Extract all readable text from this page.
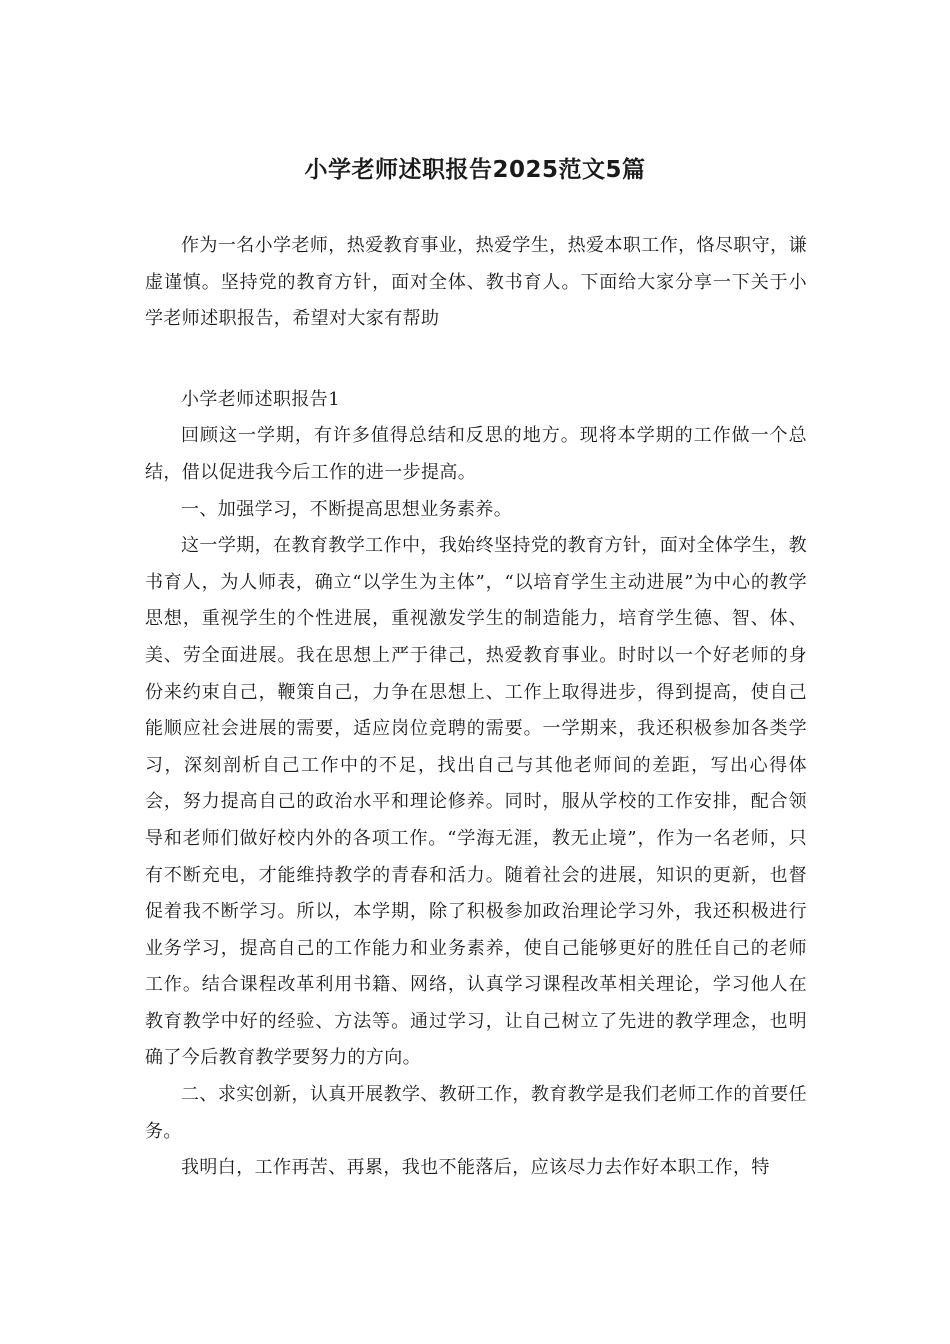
小学老师述职报告2025范文5篇

作为一名小学老师，热爱教育事业，热爱学生，热爱本职工作，恪尽职守，谦虚谨慎。坚持党的教育方针，面对全体、教书育人。下面给大家分享一下关于小学老师述职报告，希望对大家有帮助

小学老师述职报告1

回顾这一学期，有许多值得总结和反思的地方。现将本学期的工作做一个总结，借以促进我今后工作的进一步提高。

一、加强学习，不断提高思想业务素养。

这一学期，在教育教学工作中，我始终坚持党的教育方针，面对全体学生，教书育人，为人师表，确立“以学生为主体”，“以培育学生主动进展”为中心的教学思想，重视学生的个性进展，重视激发学生的制造能力，培育学生德、智、体、美、劳全面进展。我在思想上严于律己，热爱教育事业。时时以一个好老师的身份来约束自己，鞭策自己，力争在思想上、工作上取得进步，得到提高，使自己能顺应社会进展的需要，适应岗位竞聘的需要。一学期来，我还积极参加各类学习，深刻剖析自己工作中的不足，找出自己与其他老师间的差距，写出心得体会，努力提高自己的政治水平和理论修养。同时，服从学校的工作安排，配合领导和老师们做好校内外的各项工作。“学海无涯，教无止境”，作为一名老师，只有不断充电，才能维持教学的青春和活力。随着社会的进展，知识的更新，也督促着我不断学习。所以，本学期，除了积极参加政治理论学习外，我还积极进行业务学习，提高自己的工作能力和业务素养，使自己能够更好的胜任自己的老师工作。结合课程改革利用书籍、网络，认真学习课程改革相关理论，学习他人在教育教学中好的经验、方法等。通过学习，让自己树立了先进的教学理念，也明确了今后教育教学要努力的方向。

二、求实创新，认真开展教学、教研工作，教育教学是我们老师工作的首要任务。

我明白，工作再苦、再累，我也不能落后，应该尽力去作好本职工作，特
